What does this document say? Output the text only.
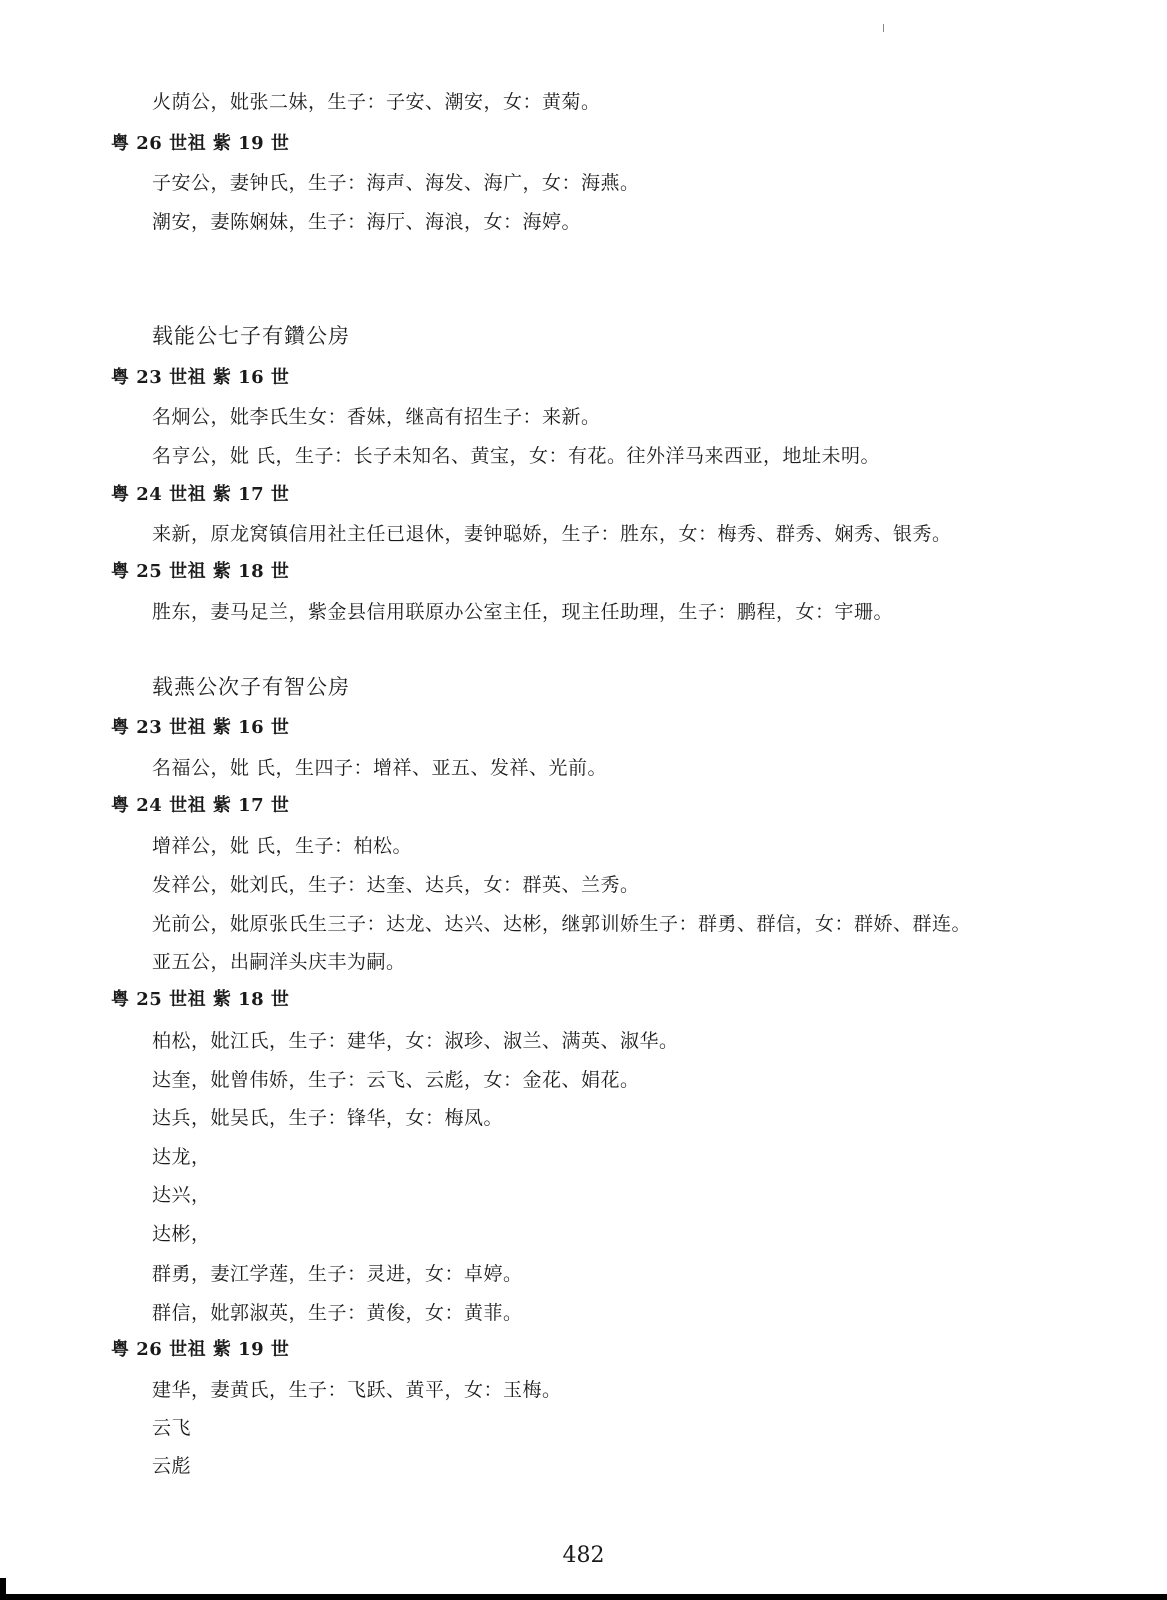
火荫公，妣张二妹，生子：子安、潮安，女：黄菊。
粤 26 世祖 紫 19 世
子安公，妻钟氏，生子：海声、海发、海广，女：海燕。
潮安，妻陈娴妹，生子：海厅、海浪，女：海婷。
载能公七子有鑽公房
粤 23 世祖 紫 16 世
名炯公，妣李氏生女：香妹，继高有招生子：来新。
名亨公，妣 氏，生子：长子未知名、黄宝，女：有花。往外洋马来西亚，地址未明。
粤 24 世祖 紫 17 世
来新，原龙窝镇信用社主任已退休，妻钟聪娇，生子：胜东，女：梅秀、群秀、娴秀、银秀。
粤 25 世祖 紫 18 世
胜东，妻马足兰，紫金县信用联原办公室主任，现主任助理，生子：鹏程，女：宇珊。
载燕公次子有智公房
粤 23 世祖 紫 16 世
名福公，妣 氏，生四子：增祥、亚五、发祥、光前。
粤 24 世祖 紫 17 世
增祥公，妣 氏，生子：柏松。
发祥公，妣刘氏，生子：达奎、达兵，女：群英、兰秀。
光前公，妣原张氏生三子：达龙、达兴、达彬，继郭训娇生子：群勇、群信，女：群娇、群连。
亚五公，出嗣洋头庆丰为嗣。
粤 25 世祖 紫 18 世
柏松，妣江氏，生子：建华，女：淑珍、淑兰、满英、淑华。
达奎，妣曾伟娇，生子：云飞、云彪，女：金花、娟花。
达兵，妣吴氏，生子：锋华，女：梅凤。
达龙，
达兴，
达彬，
群勇，妻江学莲，生子：灵进，女：卓婷。
群信，妣郭淑英，生子：黄俊，女：黄菲。
粤 26 世祖 紫 19 世
建华，妻黄氏，生子：飞跃、黄平，女：玉梅。
云飞
云彪
482
